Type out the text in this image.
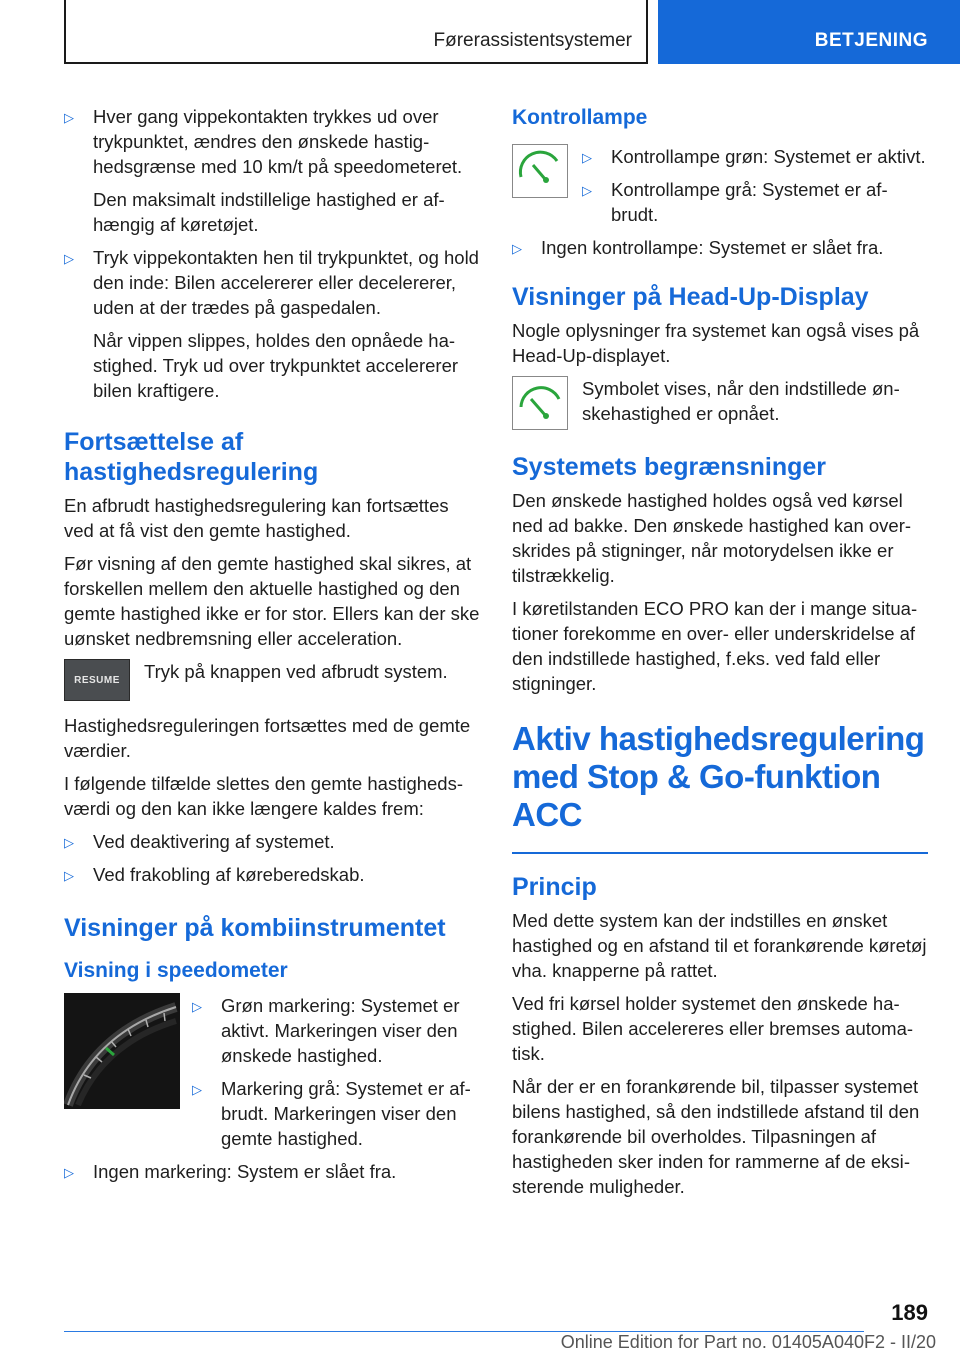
Førerassistentsystemer	BETJENING
▷ Hver gang vippekontakten trykkes ud over trykpunktet, ændres den ønskede hastighedsgrænse med 10 km/t på speedometeret.

Den maksimalt indstillelige hastighed er afhængig af køretøjet.

▷ Tryk vippekontakten hen til trykpunktet, og hold den inde: Bilen accelererer eller decelererer, uden at der trædes på gaspedalen.

Når vippen slippes, holdes den opnåede hastighed. Tryk ud over trykpunktet accelererer bilen kraftigere.

Fortsættelse af hastighedsregulering

En afbrudt hastighedsregulering kan fortsættes ved at få vist den gemte hastighed.

Før visning af den gemte hastighed skal sikres, at forskellen mellem den aktuelle hastighed og den gemte hastighed ikke er for stor. Ellers kan der ske uønsket nedbremsning eller acceleration.

RESUME Tryk på knappen ved afbrudt system.

Hastighedsreguleringen fortsættes med de gemte værdier.

I følgende tilfælde slettes den gemte hastighedsværdi og den kan ikke længere kaldes frem:

▷ Ved deaktivering af systemet.
▷ Ved frakobling af køreberedskab.
Visninger på kombiinstrumentet
Visning i speedometer
▷ Grøn markering: Systemet er aktivt. Markeringen viser den ønskede hastighed.
▷ Markering grå: Systemet er afbrudt. Markeringen viser den gemte hastighed.
▷ Ingen markering: System er slået fra.
Kontrollampe
▷ Kontrollampe grøn: Systemet er aktivt.
▷ Kontrollampe grå: Systemet er afbrudt.
▷ Ingen kontrollampe: Systemet er slået fra.
Visninger på Head-Up-Display

Nogle oplysninger fra systemet kan også vises på Head-Up-displayet.

Symbolet vises, når den indstillede ønskehastighed er opnået.
Systemets begrænsninger

Den ønskede hastighed holdes også ved kørsel ned ad bakke. Den ønskede hastighed kan overskrides på stigninger, når motorydelsen ikke er tilstrækkelig.

I køretilstanden ECO PRO kan der i mange situationer forekomme en over- eller underskridelse af den indstillede hastighed, f.eks. ved fald eller stigninger.

Aktiv hastighedsregulering med Stop & Go-funktion ACC
Princip

Med dette system kan der indstilles en ønsket hastighed og en afstand til et forankørende køretøj vha. knapperne på rattet.

Ved fri kørsel holder systemet den ønskede hastighed. Bilen accelereres eller bremses automatisk.

Når der er en forankørende bil, tilpasser systemet bilens hastighed, så den indstillede afstand til den forankørende bil overholdes. Tilpasningen af hastigheden sker inden for rammerne af de eksisterende muligheder.

189
Online Edition for Part no. 01405A040F2 - II/20
